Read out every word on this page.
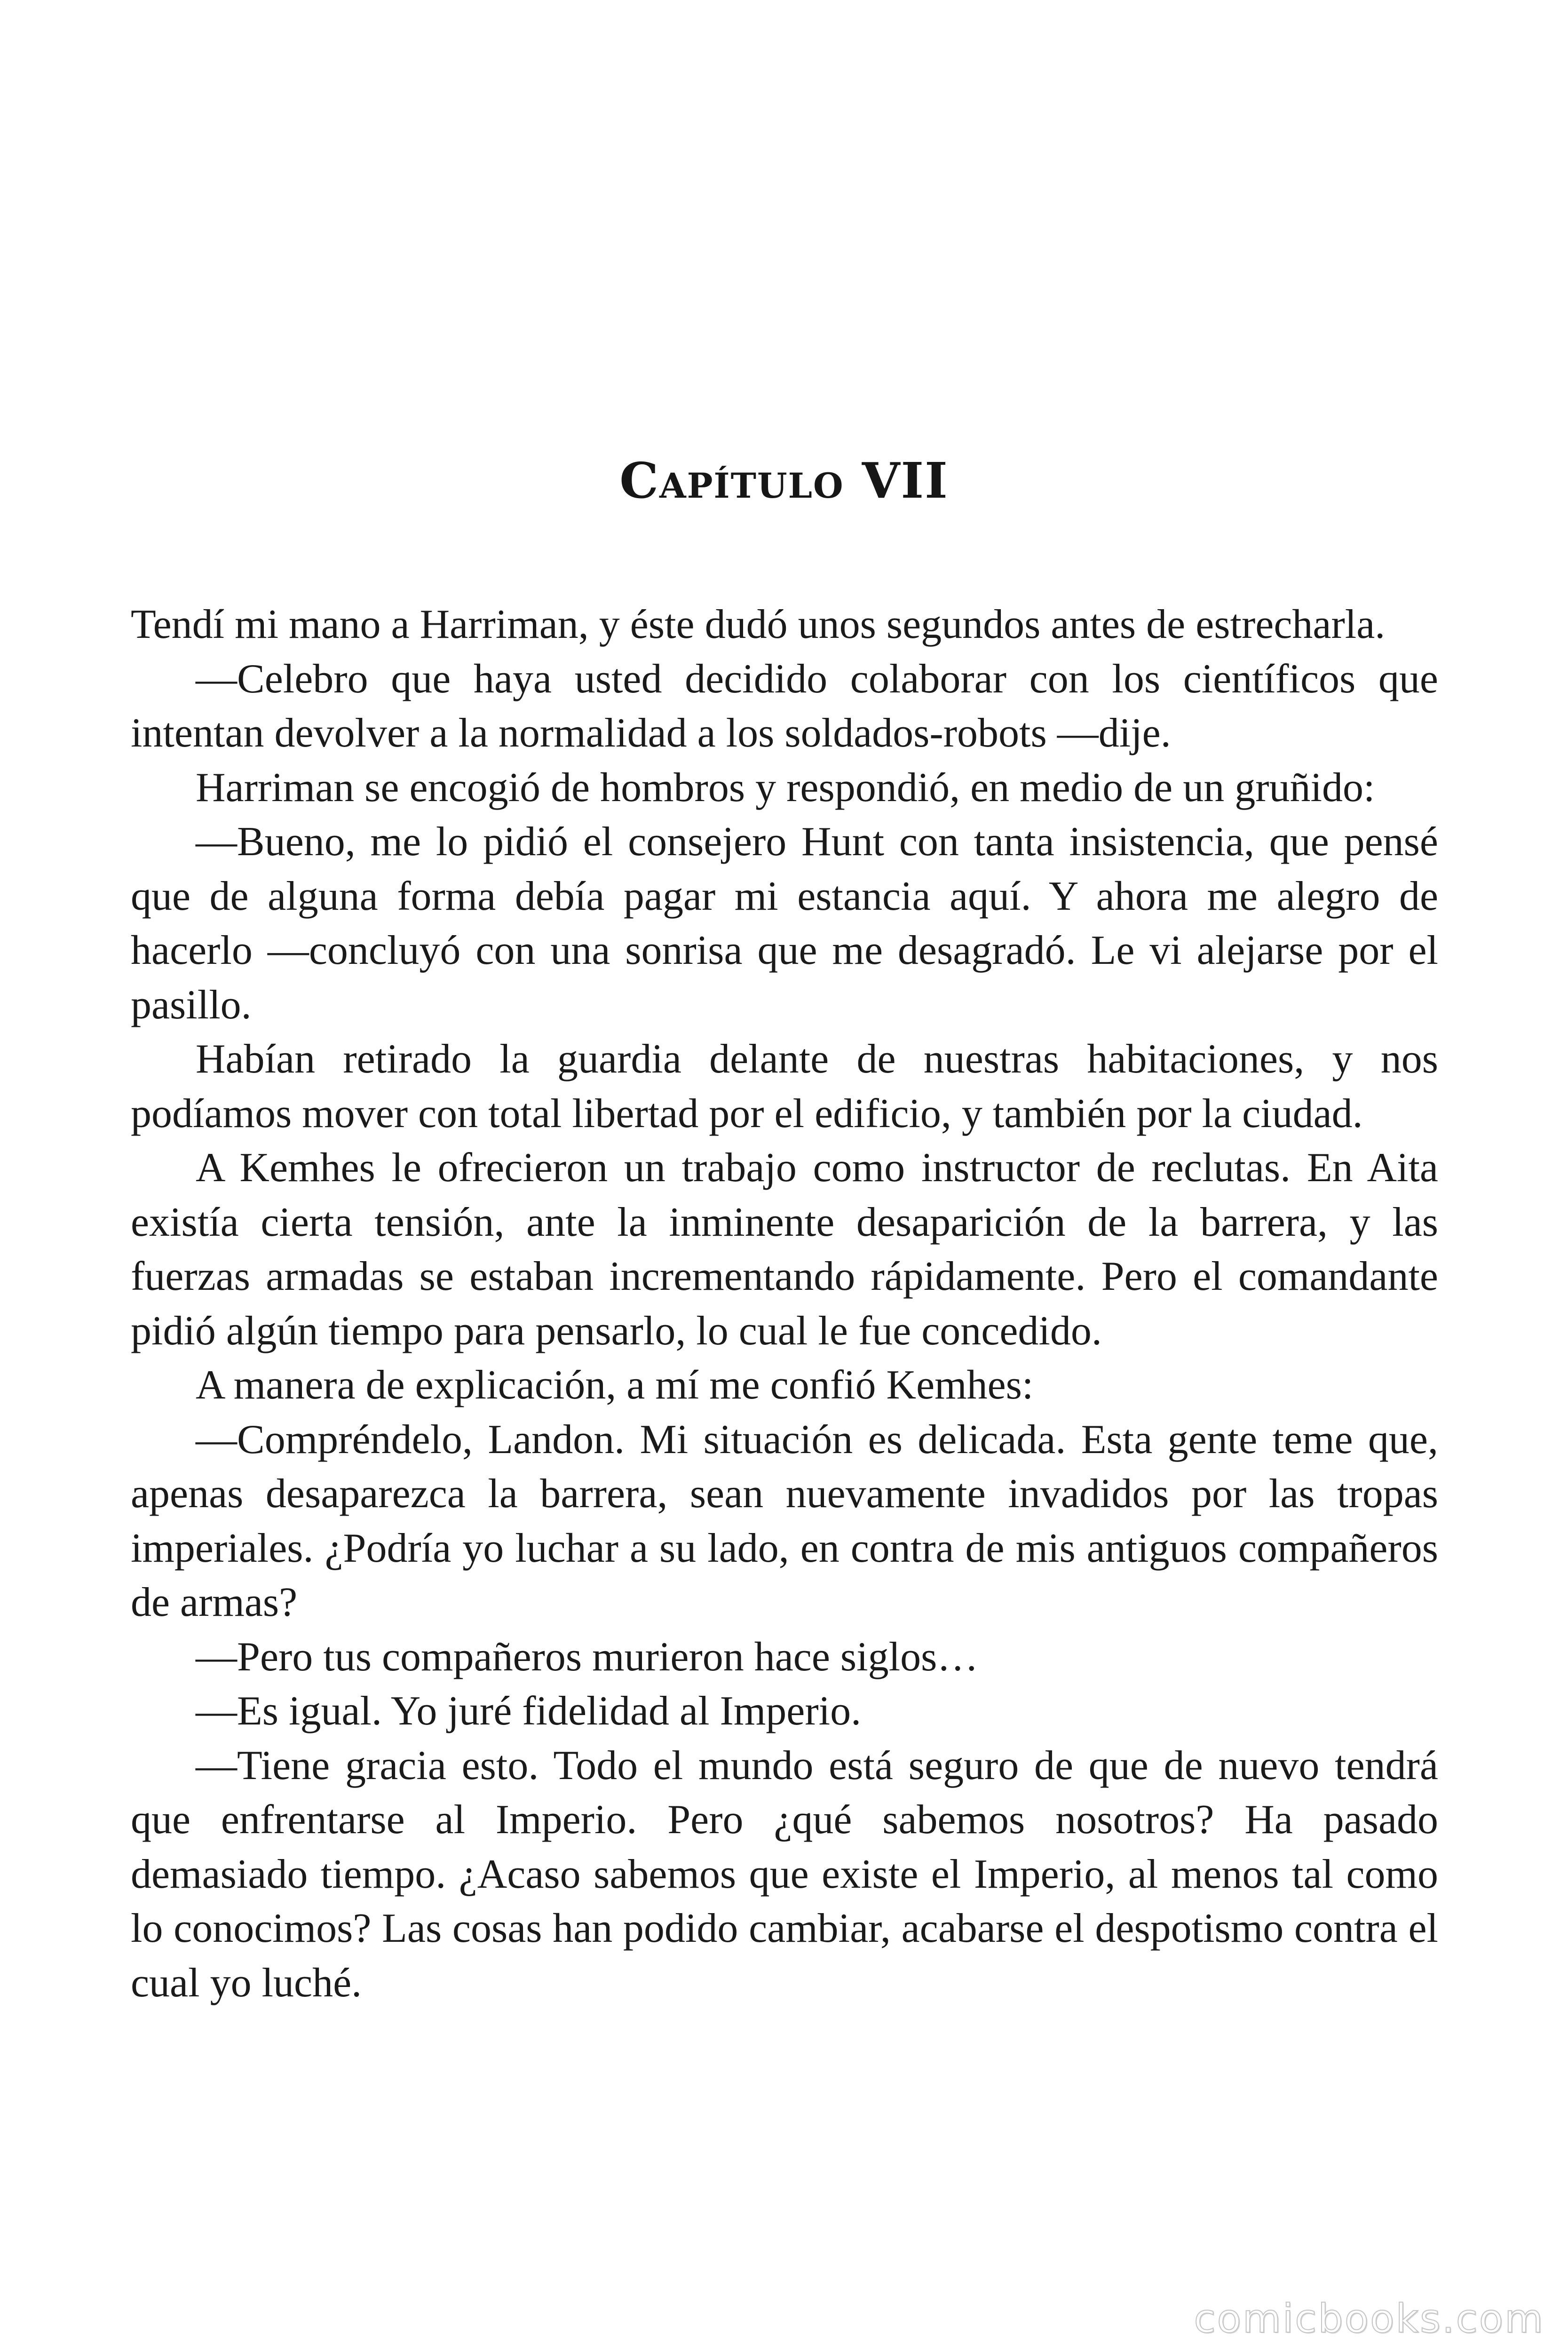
Capítulo VII

Tendí mi mano a Harriman, y éste dudó unos segundos antes de estrecharla.

—Celebro que haya usted decidido colaborar con los científicos que intentan devolver a la normalidad a los soldados-robots —dije.

Harriman se encogió de hombros y respondió, en medio de un gruñido:

—Bueno, me lo pidió el consejero Hunt con tanta insistencia, que pensé que de alguna forma debía pagar mi estancia aquí. Y ahora me alegro de hacerlo —concluyó con una sonrisa que me desagradó. Le vi alejarse por el pasillo.

Habían retirado la guardia delante de nuestras habitaciones, y nos podíamos mover con total libertad por el edificio, y también por la ciudad.

A Kemhes le ofrecieron un trabajo como instructor de reclutas. En Aita existía cierta tensión, ante la inminente desaparición de la barrera, y las fuerzas armadas se estaban incrementando rápidamente. Pero el comandante pidió algún tiempo para pensarlo, lo cual le fue concedido.

A manera de explicación, a mí me confió Kemhes:

—Compréndelo, Landon. Mi situación es delicada. Esta gente teme que, apenas desaparezca la barrera, sean nuevamente invadidos por las tropas imperiales. ¿Podría yo luchar a su lado, en contra de mis antiguos compañeros de armas?

—Pero tus compañeros murieron hace siglos…

—Es igual. Yo juré fidelidad al Imperio.

—Tiene gracia esto. Todo el mundo está seguro de que de nuevo tendrá que enfrentarse al Imperio. Pero ¿qué sabemos nosotros? Ha pasado demasiado tiempo. ¿Acaso sabemos que existe el Imperio, al menos tal como lo conocimos? Las cosas han podido cambiar, acabarse el despotismo contra el cual yo luché.

comicbooks.com
